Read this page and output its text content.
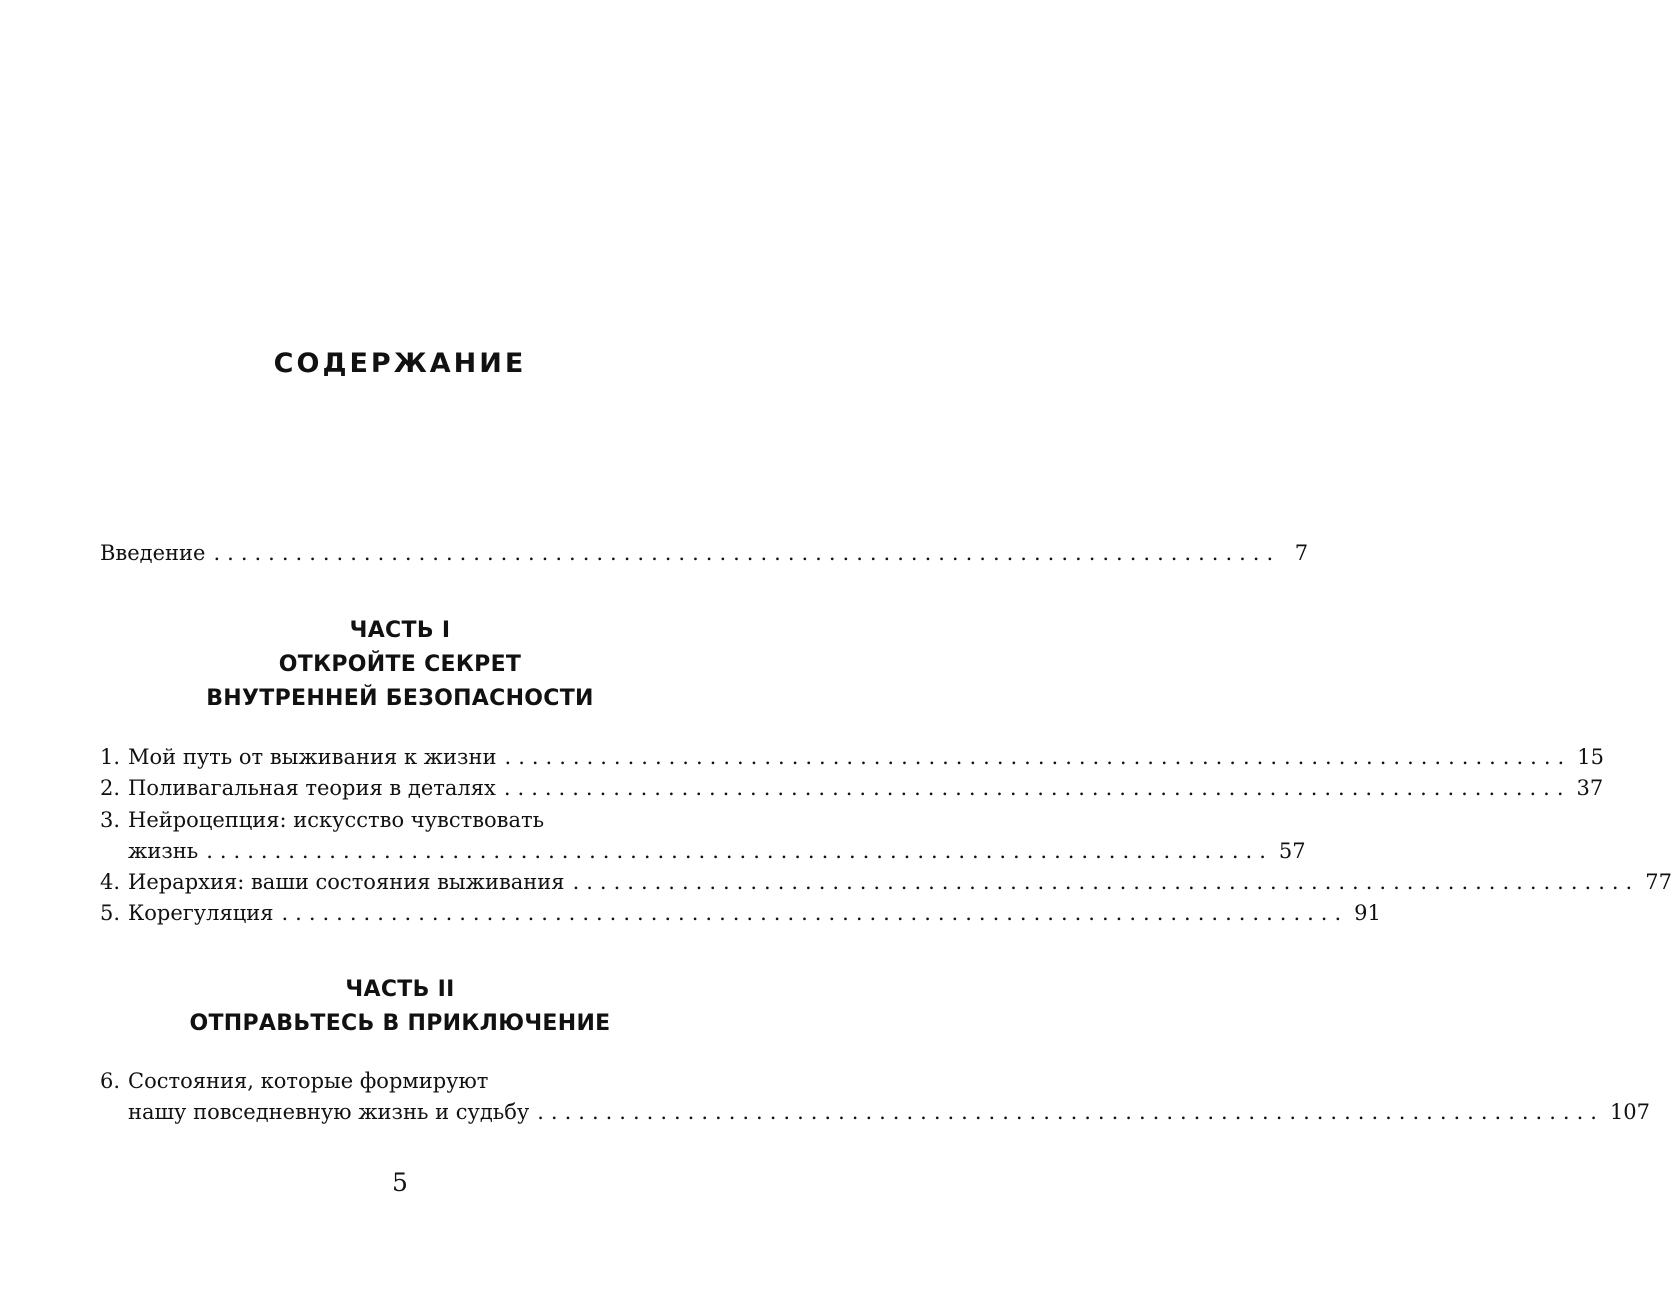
СОДЕРЖАНИЕ
Введение .............................................................................. 7
ЧАСТЬ I
ОТКРОЙТЕ СЕКРЕТ
ВНУТРЕННЕЙ БЕЗОПАСНОСТИ
1. Мой путь от выживания к жизни .............................................................................. 15
2. Поливагальная теория в деталях .............................................................................. 37
3. Нейроцепция: искусство чувствовать
жизнь .............................................................................. 57
4. Иерархия: ваши состояния выживания .............................................................................. 77
5. Корегуляция .............................................................................. 91
ЧАСТЬ II
ОТПРАВЬТЕСЬ В ПРИКЛЮЧЕНИЕ
6. Состояния, которые формируют
нашу повседневную жизнь и судьбу .............................................................................. 107
5
